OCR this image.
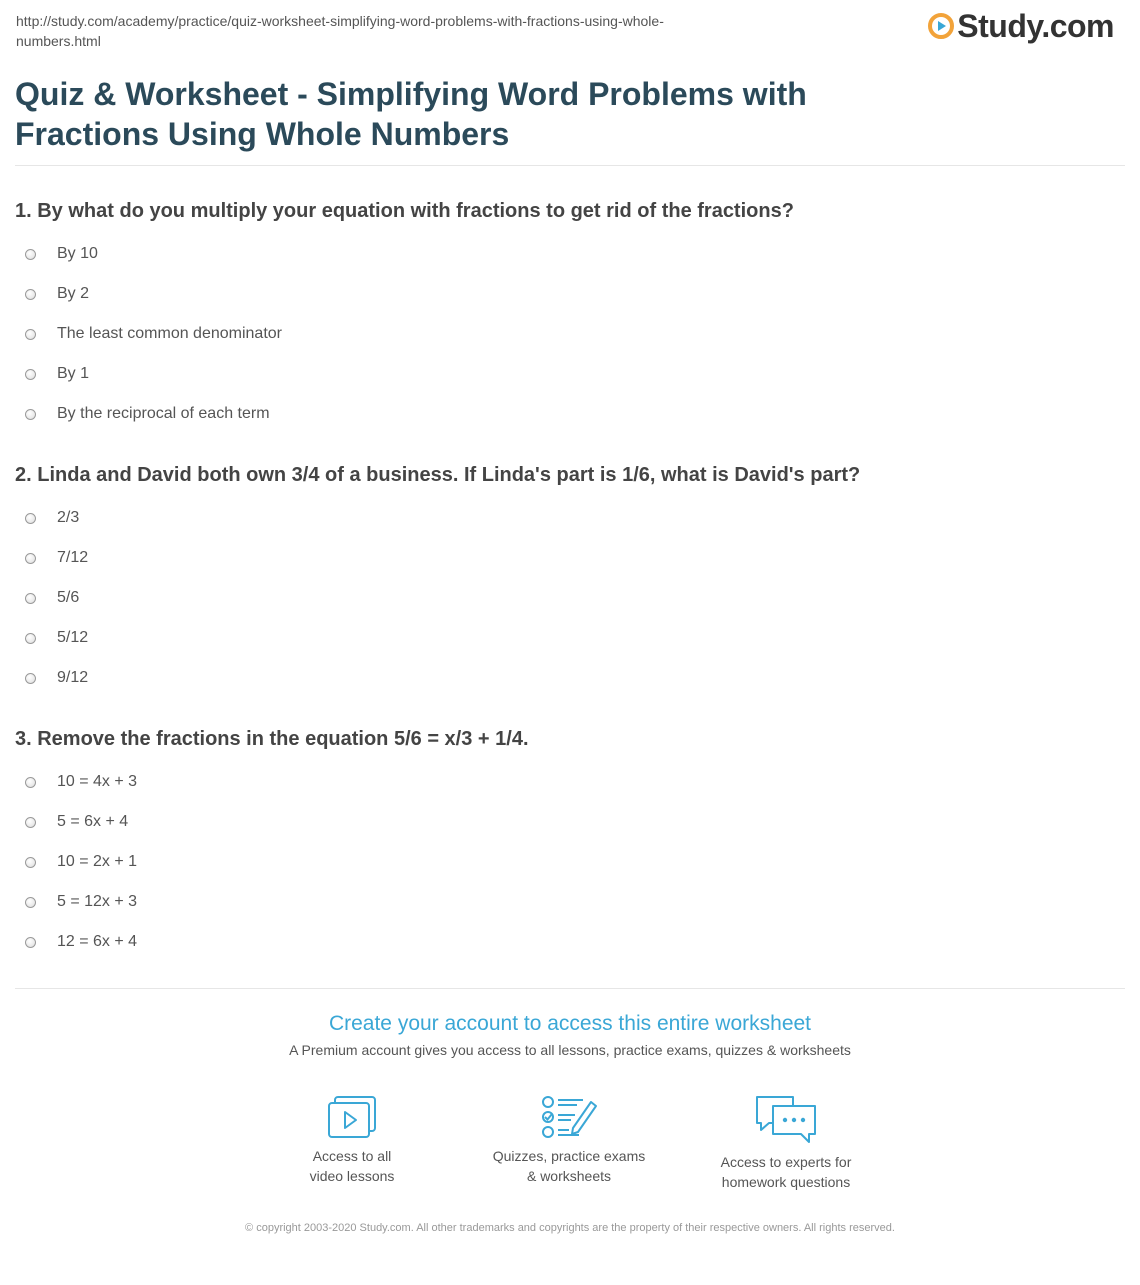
http://study.com/academy/practice/quiz-worksheet-simplifying-word-problems-with-fractions-using-whole-numbers.html	Study.com
Quiz & Worksheet - Simplifying Word Problems with Fractions Using Whole Numbers

1. By what do you multiply your equation with fractions to get rid of the fractions?

By 10
By 2
The least common denominator
By 1
By the reciprocal of each term

2. Linda and David both own 3/4 of a business. If Linda's part is 1/6, what is David's part?

2/3
7/12
5/6
5/12
9/12

3. Remove the fractions in the equation 5/6 = x/3 + 1/4.

10 = 4x + 3
5 = 6x + 4
10 = 2x + 1
5 = 12x + 3
12 = 6x + 4
Create your account to access this entire worksheet
A Premium account gives you access to all lessons, practice exams, quizzes & worksheets
Access to all
video lessons
Quizzes, practice exams
& worksheets
Access to experts for
homework questions
© copyright 2003-2020 Study.com. All other trademarks and copyrights are the property of their respective owners. All rights reserved.
